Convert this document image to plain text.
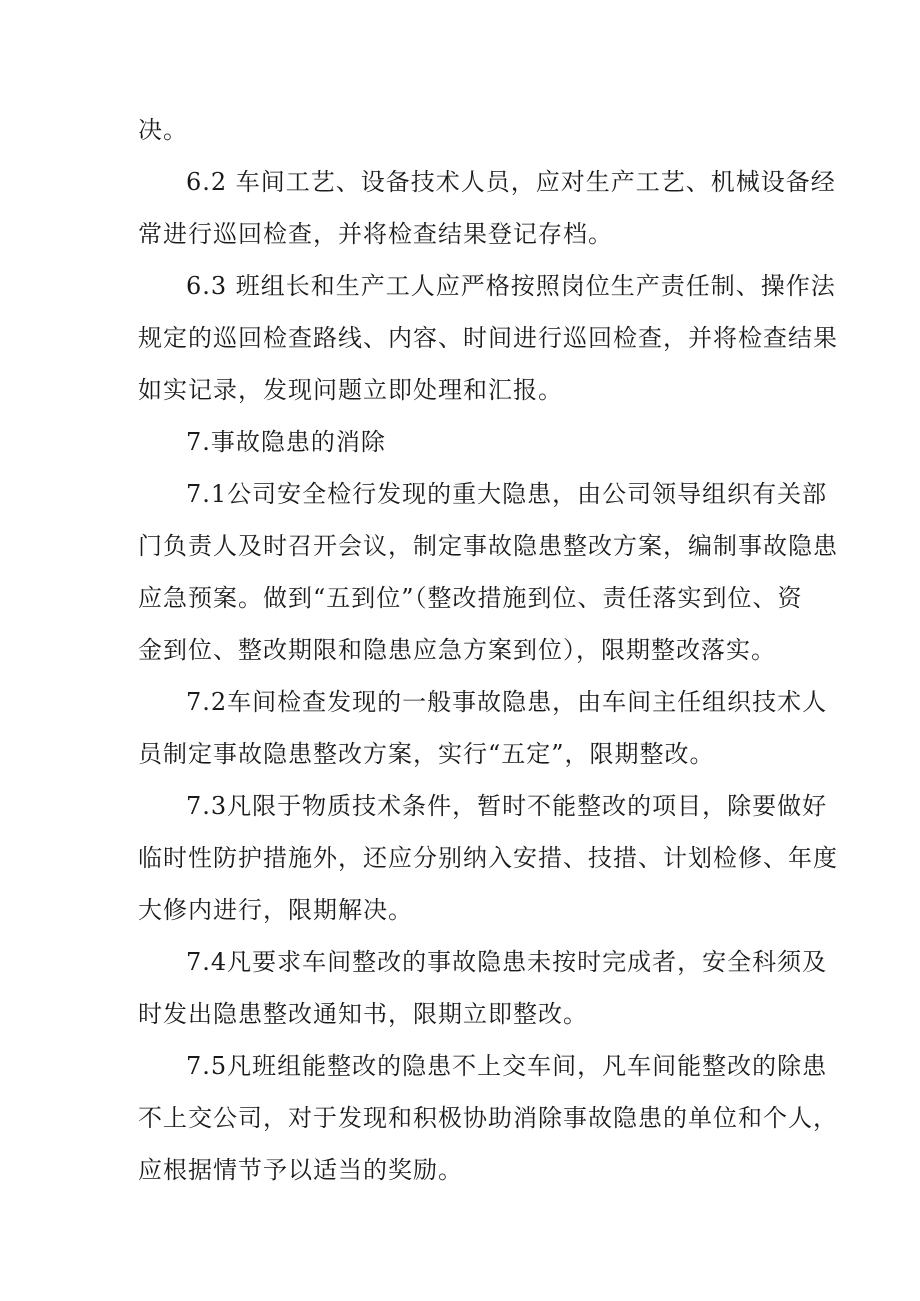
决。
6.2 车间工艺、设备技术人员，应对生产工艺、机械设备经
常进行巡回检查，并将检查结果登记存档。
6.3 班组长和生产工人应严格按照岗位生产责任制、操作法
规定的巡回检查路线、内容、时间进行巡回检查，并将检查结果
如实记录，发现问题立即处理和汇报。
7.事故隐患的消除
7.1公司安全检行发现的重大隐患，由公司领导组织有关部
门负责人及时召开会议，制定事故隐患整改方案，编制事故隐患
应急预案。做到“五到位”（整改措施到位、责任落实到位、资
金到位、整改期限和隐患应急方案到位），限期整改落实。
7.2车间检查发现的一般事故隐患，由车间主任组织技术人
员制定事故隐患整改方案，实行“五定”，限期整改。
7.3凡限于物质技术条件，暂时不能整改的项目，除要做好
临时性防护措施外，还应分别纳入安措、技措、计划检修、年度
大修内进行，限期解决。
7.4凡要求车间整改的事故隐患未按时完成者，安全科须及
时发出隐患整改通知书，限期立即整改。
7.5凡班组能整改的隐患不上交车间，凡车间能整改的除患
不上交公司，对于发现和积极协助消除事故隐患的单位和个人，
应根据情节予以适当的奖励。
